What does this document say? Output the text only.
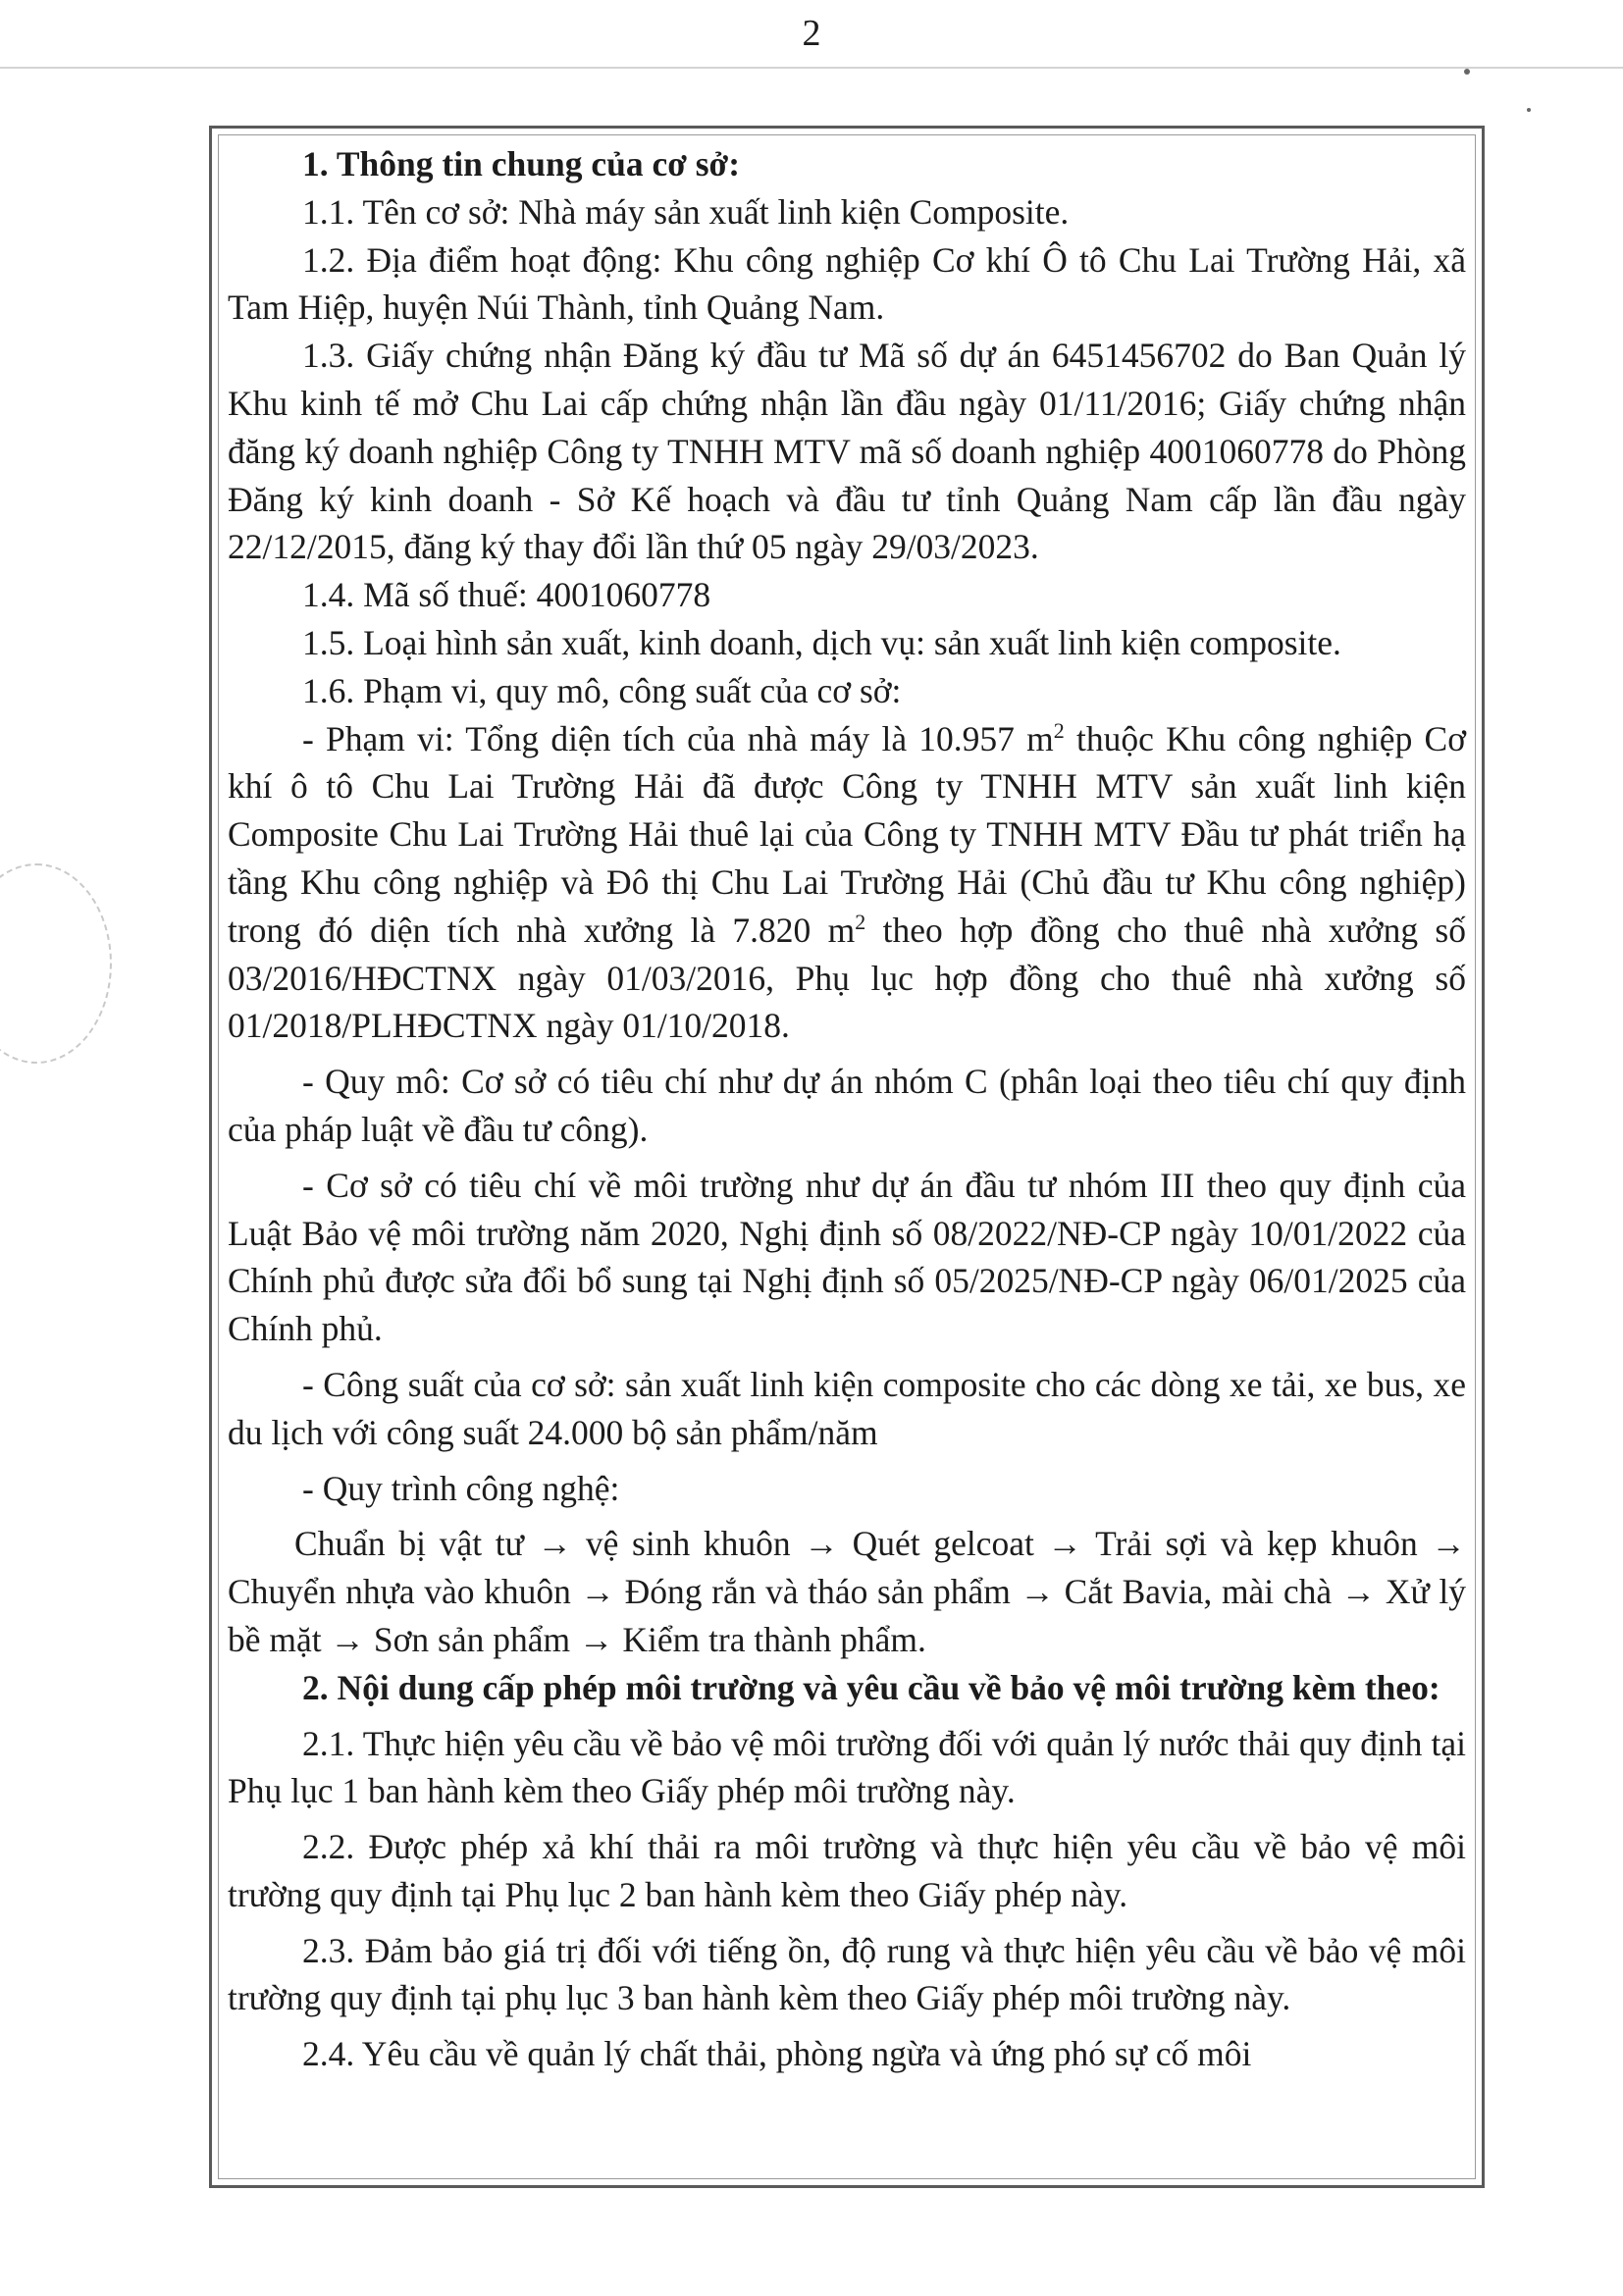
2
1. Thông tin chung của cơ sở:

1.1. Tên cơ sở: Nhà máy sản xuất linh kiện Composite.

1.2. Địa điểm hoạt động: Khu công nghiệp Cơ khí Ô tô Chu Lai Trường Hải, xã Tam Hiệp, huyện Núi Thành, tỉnh Quảng Nam.

1.3. Giấy chứng nhận Đăng ký đầu tư Mã số dự án 6451456702 do Ban Quản lý Khu kinh tế mở Chu Lai cấp chứng nhận lần đầu ngày 01/11/2016; Giấy chứng nhận đăng ký doanh nghiệp Công ty TNHH MTV mã số doanh nghiệp 4001060778 do Phòng Đăng ký kinh doanh - Sở Kế hoạch và đầu tư tỉnh Quảng Nam cấp lần đầu ngày 22/12/2015, đăng ký thay đổi lần thứ 05 ngày 29/03/2023.

1.4. Mã số thuế: 4001060778

1.5. Loại hình sản xuất, kinh doanh, dịch vụ: sản xuất linh kiện composite.

1.6. Phạm vi, quy mô, công suất của cơ sở:

- Phạm vi: Tổng diện tích của nhà máy là 10.957 $m^2$ thuộc Khu công nghiệp Cơ khí ô tô Chu Lai Trường Hải đã được Công ty TNHH MTV sản xuất linh kiện Composite Chu Lai Trường Hải thuê lại của Công ty TNHH MTV Đầu tư phát triển hạ tầng Khu công nghiệp và Đô thị Chu Lai Trường Hải (Chủ đầu tư Khu công nghiệp) trong đó diện tích nhà xưởng là 7.820 $m^2$ theo hợp đồng cho thuê nhà xưởng số 03/2016/HĐCTNX ngày 01/03/2016, Phụ lục hợp đồng cho thuê nhà xưởng số 01/2018/PLHĐCTNX ngày 01/10/2018.

- Quy mô: Cơ sở có tiêu chí như dự án nhóm C (phân loại theo tiêu chí quy định của pháp luật về đầu tư công).

- Cơ sở có tiêu chí về môi trường như dự án đầu tư nhóm III theo quy định của Luật Bảo vệ môi trường năm 2020, Nghị định số 08/2022/NĐ-CP ngày 10/01/2022 của Chính phủ được sửa đổi bổ sung tại Nghị định số 05/2025/NĐ-CP ngày 06/01/2025 của Chính phủ.

- Công suất của cơ sở: sản xuất linh kiện composite cho các dòng xe tải, xe bus, xe du lịch với công suất 24.000 bộ sản phẩm/năm

- Quy trình công nghệ:

Chuẩn bị vật tư → vệ sinh khuôn → Quét gelcoat → Trải sợi và kẹp khuôn → Chuyển nhựa vào khuôn → Đóng rắn và tháo sản phẩm → Cắt Bavia, mài chà → Xử lý bề mặt → Sơn sản phẩm → Kiểm tra thành phẩm.

2. Nội dung cấp phép môi trường và yêu cầu về bảo vệ môi trường kèm theo:

2.1. Thực hiện yêu cầu về bảo vệ môi trường đối với quản lý nước thải quy định tại Phụ lục 1 ban hành kèm theo Giấy phép môi trường này.

2.2. Được phép xả khí thải ra môi trường và thực hiện yêu cầu về bảo vệ môi trường quy định tại Phụ lục 2 ban hành kèm theo Giấy phép này.

2.3. Đảm bảo giá trị đối với tiếng ồn, độ rung và thực hiện yêu cầu về bảo vệ môi trường quy định tại phụ lục 3 ban hành kèm theo Giấy phép môi trường này.

2.4. Yêu cầu về quản lý chất thải, phòng ngừa và ứng phó sự cố môi
